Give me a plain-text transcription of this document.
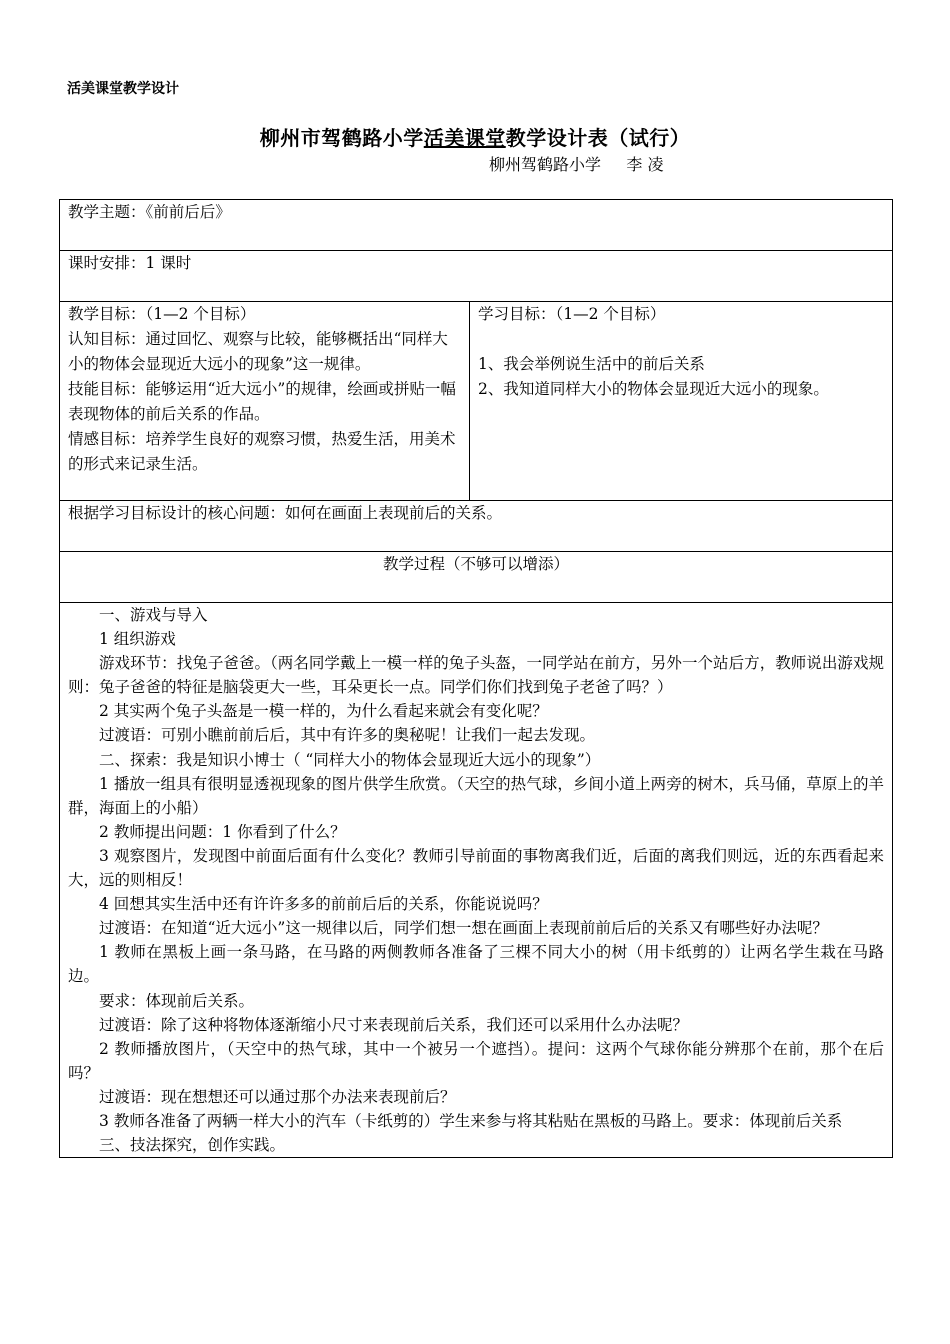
活美课堂教学设计
柳州市驾鹤路小学活美课堂教学设计表（试行）
柳州驾鹤路小学     李 凌
教学主题：《前前后后》
课时安排：1 课时

教学目标：（1—2 个目标）

认知目标：通过回忆、观察与比较，能够概括出“同样大小的物体会显现近大远小的现象”这一规律。

技能目标：能够运用“近大远小”的规律，绘画或拼贴一幅表现物体的前后关系的作品。

情感目标：培养学生良好的观察习惯，热爱生活，用美术的形式来记录生活。

学习目标：（1—2 个目标）

1、我会举例说生活中的前后关系

2、我知道同样大小的物体会显现近大远小的现象。

根据学习目标设计的核心问题：如何在画面上表现前后的关系。
教学过程（不够可以增添）

一、游戏与导入

1 组织游戏

游戏环节：找兔子爸爸。（两名同学戴上一模一样的兔子头盔，一同学站在前方，另外一个站后方，教师说出游戏规则：兔子爸爸的特征是脑袋更大一些，耳朵更长一点。同学们你们找到兔子老爸了吗？）

2 其实两个兔子头盔是一模一样的，为什么看起来就会有变化呢？

过渡语：可别小瞧前前后后，其中有许多的奥秘呢！让我们一起去发现。

二、探索：我是知识小博士（ “同样大小的物体会显现近大远小的现象”）

1 播放一组具有很明显透视现象的图片供学生欣赏。（天空的热气球，乡间小道上两旁的树木，兵马俑，草原上的羊群，海面上的小船）

2 教师提出问题：1 你看到了什么？

3 观察图片，发现图中前面后面有什么变化？教师引导前面的事物离我们近，后面的离我们则远，近的东西看起来大，远的则相反！

4 回想其实生活中还有许许多多的前前后后的关系，你能说说吗？

过渡语：在知道“近大远小”这一规律以后，同学们想一想在画面上表现前前后后的关系又有哪些好办法呢？

1 教师在黑板上画一条马路，在马路的两侧教师各准备了三棵不同大小的树（用卡纸剪的）让两名学生栽在马路边。

要求：体现前后关系。

过渡语：除了这种将物体逐渐缩小尺寸来表现前后关系，我们还可以采用什么办法呢？

2 教师播放图片，（天空中的热气球，其中一个被另一个遮挡）。提问：这两个气球你能分辨那个在前，那个在后吗？

过渡语：现在想想还可以通过那个办法来表现前后？

3 教师各准备了两辆一样大小的汽车（卡纸剪的）学生来参与将其粘贴在黑板的马路上。要求：体现前后关系

三、技法探究，创作实践。
